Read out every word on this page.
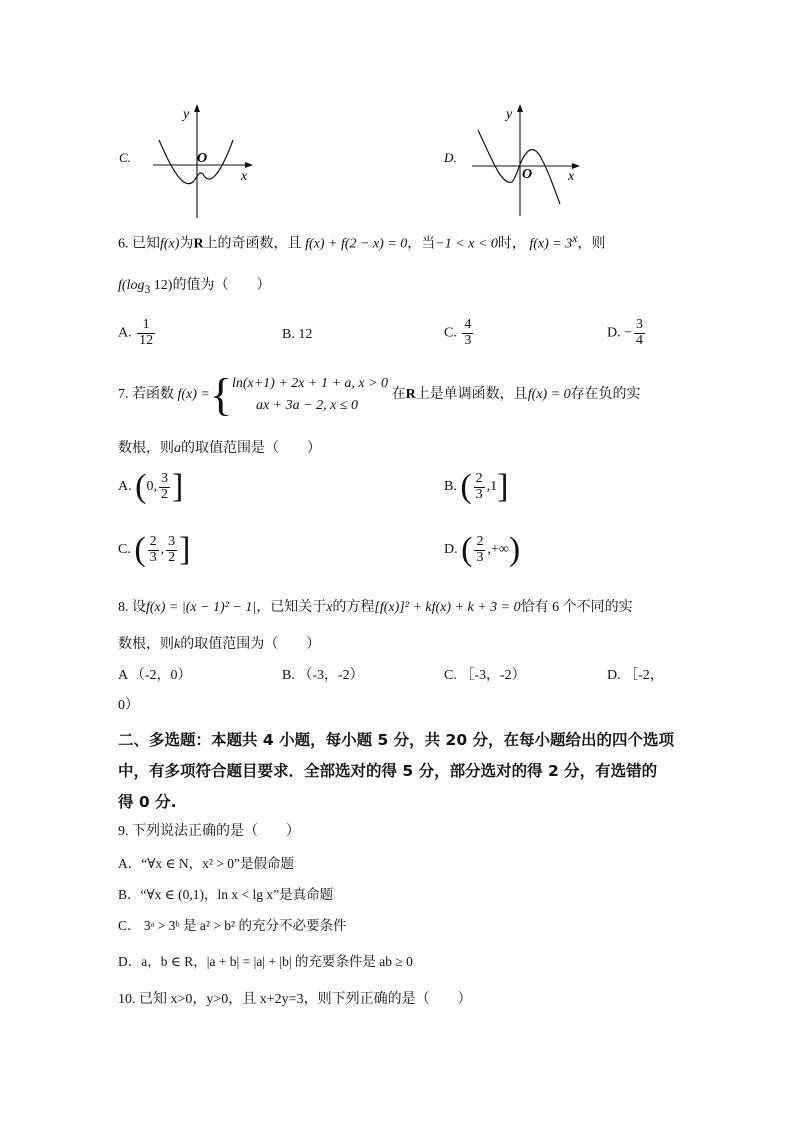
C.
y
O
x
D.
y
O	x
6. 已知f(x)为R上的奇函数，且 f(x) + f(2 − x) = 0，当−1 < x < 0时， $f(x) = 3^x$，则
$f(\log_3$ 12)的值为（　　）
A. $\frac{1}{12}$	B. 12	C. $\frac{4}{3}$	D. − $\frac{3}{4}$
7. 若函数 f(x) ={ ln(x+1) + 2x + 1 + a, x > 0
ax + 3a − 2, x ≤ 0
在R上是单调函数，且f(x) = 0存在负的实
数根，则a的取值范围是（　　）
A. (0, $\frac{3}{2}$ ]	B. ( $\frac{2}{3} ,1$]
C. ( $\frac{2}{3}$ , $\frac{3}{2}$ ]	D. ( $\frac{2}{3}$ ,+∞)
8. 设f(x) = |(x − 1)² − 1|，已知关于x的方程[f(x)]² + kf(x) + k + 3 = 0恰有 6 个不同的实
数根，则k的取值范围为（　　）
A （-2，0）	B. （-3，-2）	C. ［-3，-2）	D. ［-2，
0）
二、多选题：本题共 4 小题，每小题 5 分，共 20 分，在每小题给出的四个选项
中，有多项符合题目要求．全部选对的得 5 分，部分选对的得 2 分，有选错的
得 0 分.
9. 下列说法正确的是（　　）
A．“∀x ∈ N，x² > 0”是假命题
B．“∀x ∈ (0,1)，ln x < lg x”是真命题
C． 3ᵃ > 3ᵇ 是 a² > b² 的充分不必要条件
D．a，b ∈ R，|a + b| = |a| + |b| 的充要条件是 ab ≥ 0
10. 已知 x>0，y>0，且 x+2y=3，则下列正确的是（　　）
